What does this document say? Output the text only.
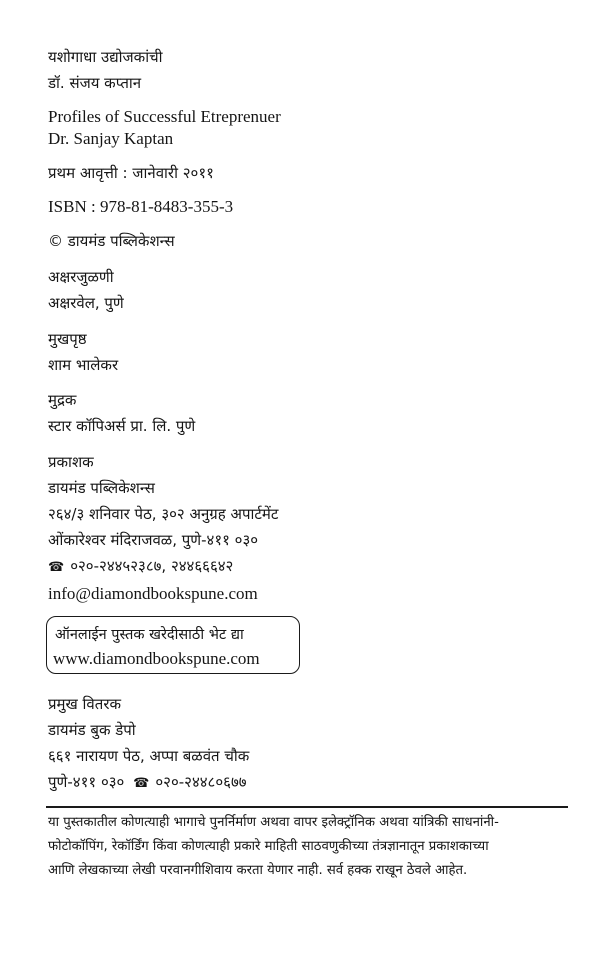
यशोगाधा उद्योजकांची
डॉ. संजय कप्तान
Profiles of Successful Etreprenuer
Dr. Sanjay Kaptan
प्रथम आवृत्ती : जानेवारी २०११
ISBN : 978-81-8483-355-3
© डायमंड पब्लिकेशन्स
अक्षरजुळणी
अक्षरवेल, पुणे
मुखपृष्ठ
शाम भालेकर
मुद्रक
स्टार कॉपिअर्स प्रा. लि. पुणे
प्रकाशक
डायमंड पब्लिकेशन्स
२६४/३ शनिवार पेठ, ३०२ अनुग्रह अपार्टमेंट
ओंकारेश्वर मंदिराजवळ, पुणे-४११ ०३०
☎ ०२०-२४४५२३८७, २४४६६६४२
info@diamondbookspune.com
ऑनलाईन पुस्तक खरेदीसाठी भेट द्या
www.diamondbookspune.com
प्रमुख वितरक
डायमंड बुक डेपो
६६१ नारायण पेठ, अप्पा बळवंत चौक
पुणे-४११ ०३० ☎ ०२०-२४४८०६७७
या पुस्तकातील कोणत्याही भागाचे पुनर्निर्माण अथवा वापर इलेक्ट्रॉनिक अथवा यांत्रिकी साधनांनी-
फोटोकॉपिंग, रेकॉर्डिंग किंवा कोणत्याही प्रकारे माहिती साठवणुकीच्या तंत्रज्ञानातून प्रकाशकाच्या
आणि लेखकाच्या लेखी परवानगीशिवाय करता येणार नाही. सर्व हक्क राखून ठेवले आहेत.
